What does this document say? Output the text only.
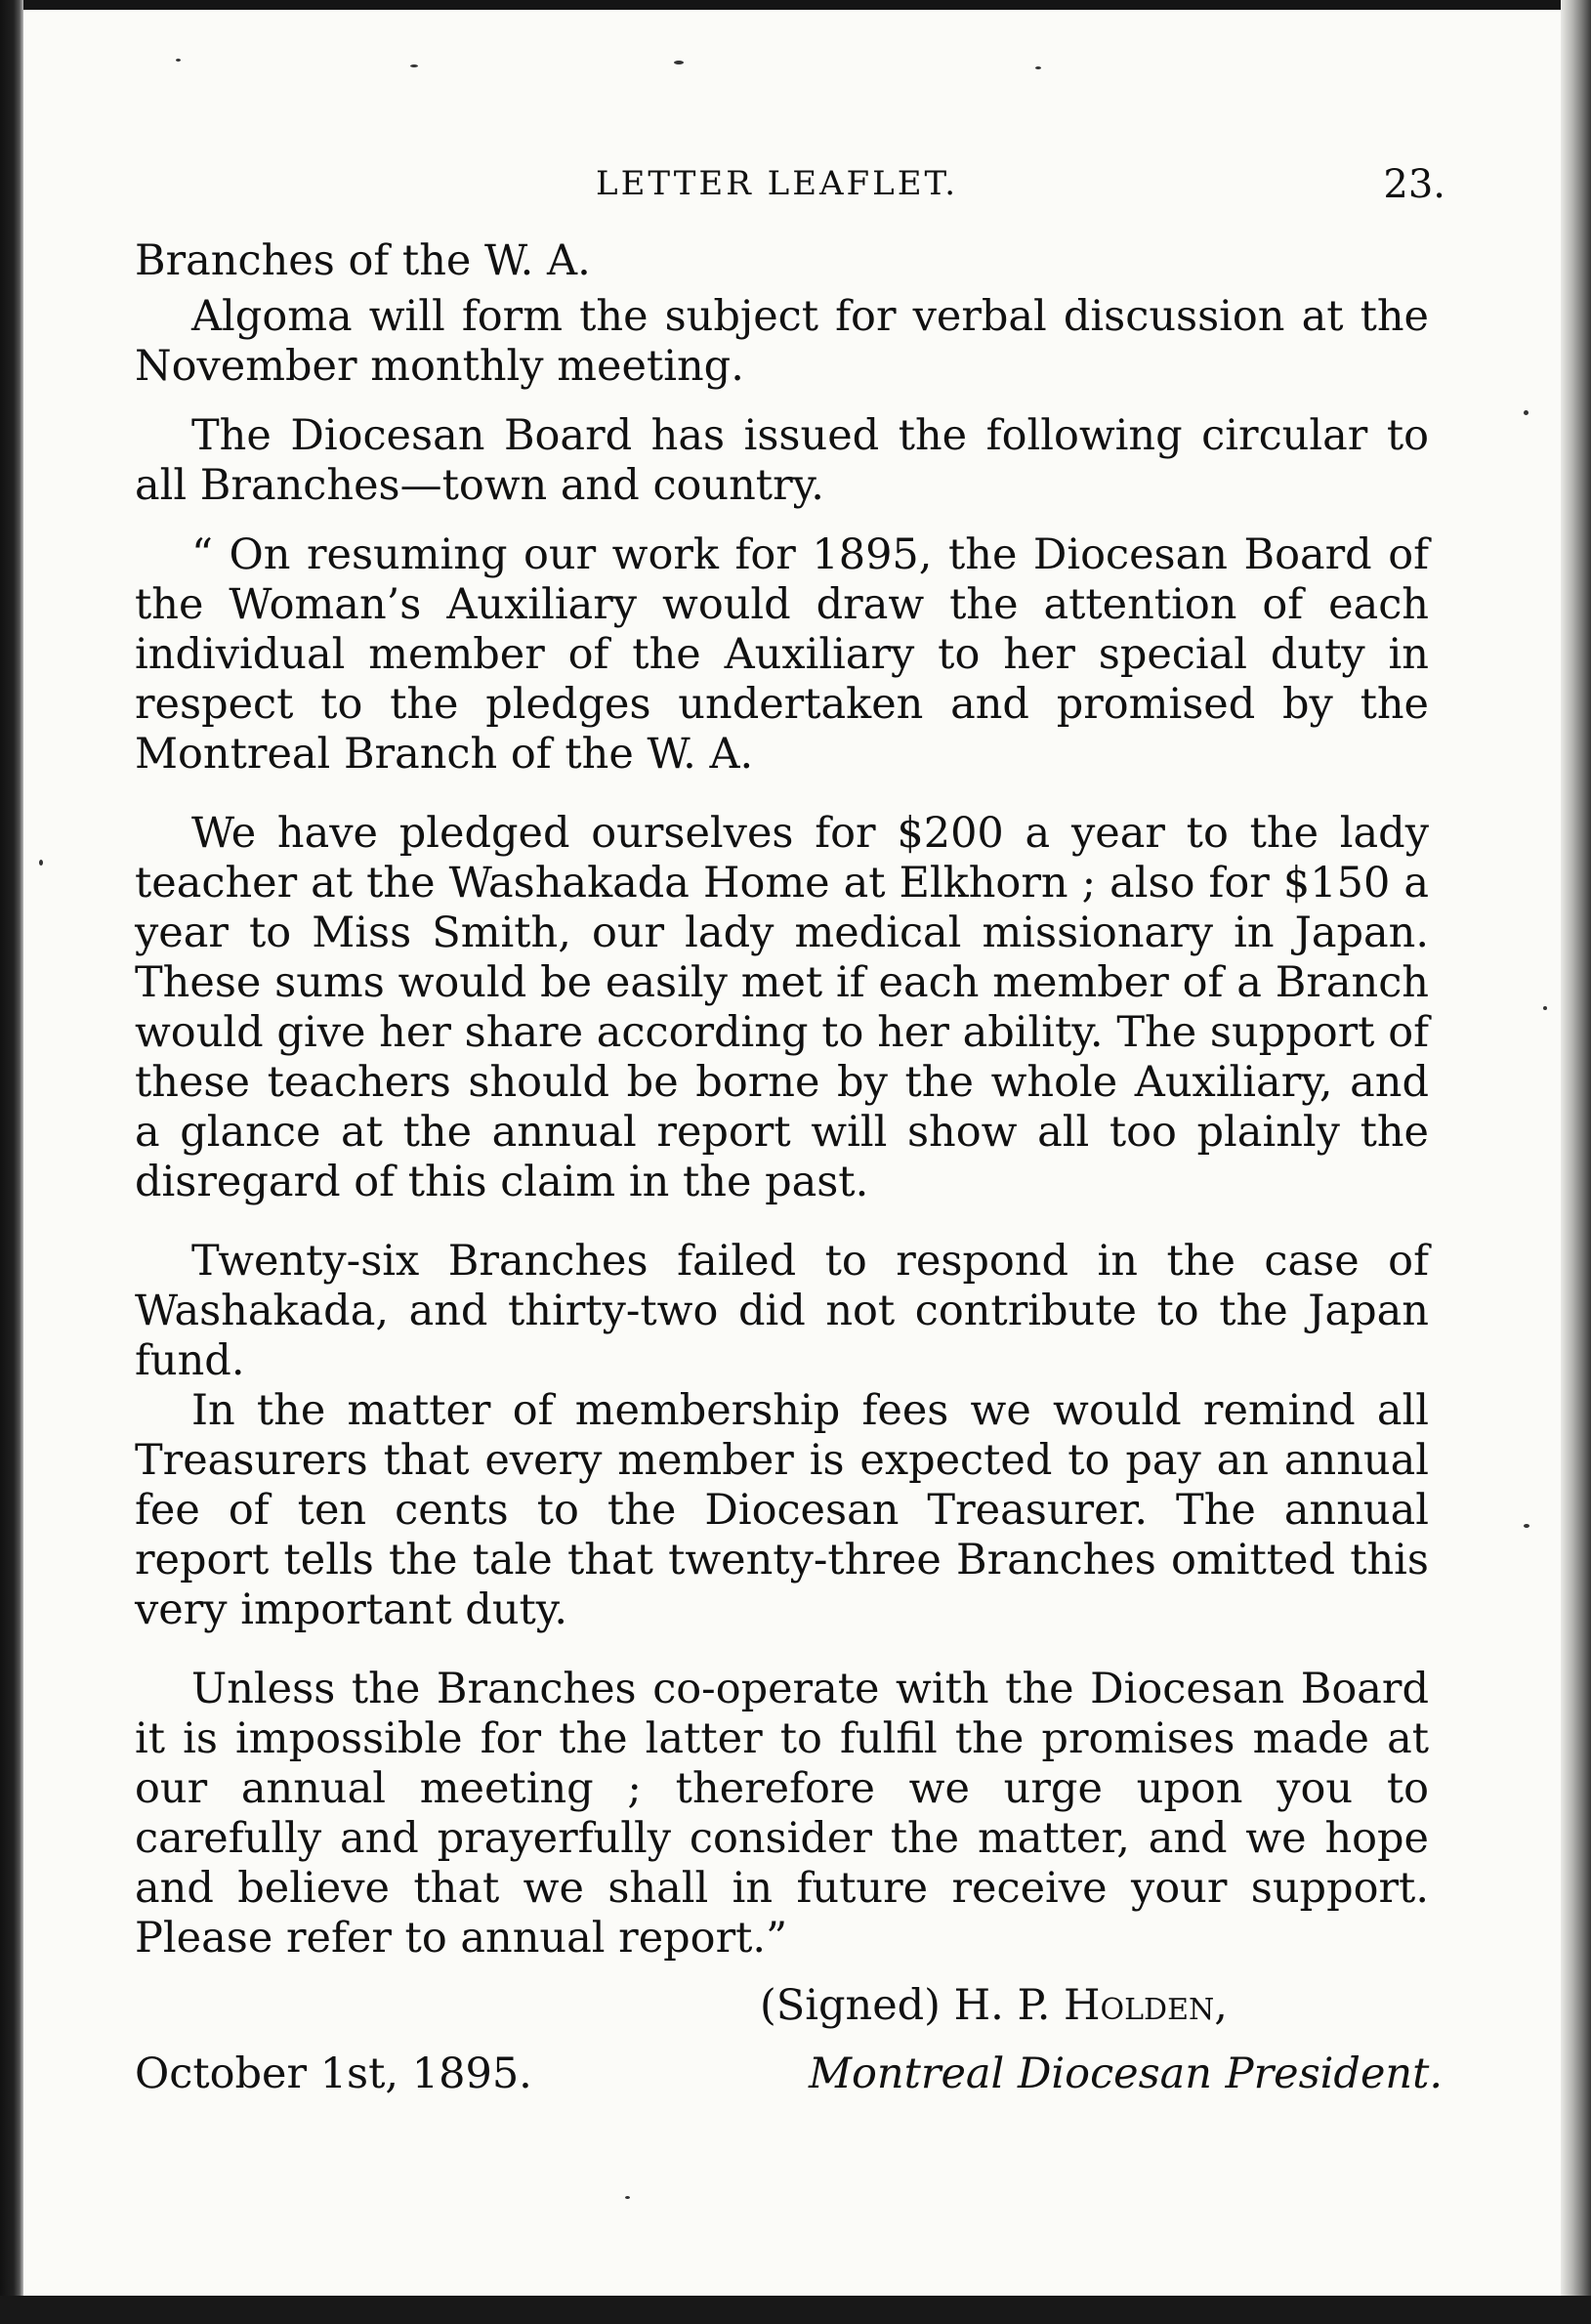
LETTER LEAFLET.	23.

Branches of the W. A.

Algoma will form the subject for verbal discussion at the November monthly meeting.

The Diocesan Board has issued the following circular to all Branches—town and country.

“ On resuming our work for 1895, the Diocesan Board of the Woman’s Auxiliary would draw the attention of each individual member of the Auxiliary to her special duty in respect to the pledges undertaken and promised by the Montreal Branch of the W. A.

We have pledged ourselves for $200 a year to the lady teacher at the Washakada Home at Elkhorn ; also for $150 a year to Miss Smith, our lady medical missionary in Japan. These sums would be easily met if each member of a Branch would give her share according to her ability. The support of these teachers should be borne by the whole Auxiliary, and a glance at the annual report will show all too plainly the disregard of this claim in the past.

Twenty-six Branches failed to respond in the case of Washakada, and thirty-two did not contribute to the Japan fund.

In the matter of membership fees we would remind all Treasurers that every member is expected to pay an annual fee of ten cents to the Diocesan Treasurer. The annual report tells the tale that twenty-three Branches omitted this very important duty.

Unless the Branches co-operate with the Diocesan Board it is impossible for the latter to fulfil the promises made at our annual meeting ; therefore we urge upon you to carefully and prayerfully consider the matter, and we hope and believe that we shall in future receive your support. Please refer to annual report.”

(Signed) H. P. Holden,
October 1st, 1895.	Montreal Diocesan President.
